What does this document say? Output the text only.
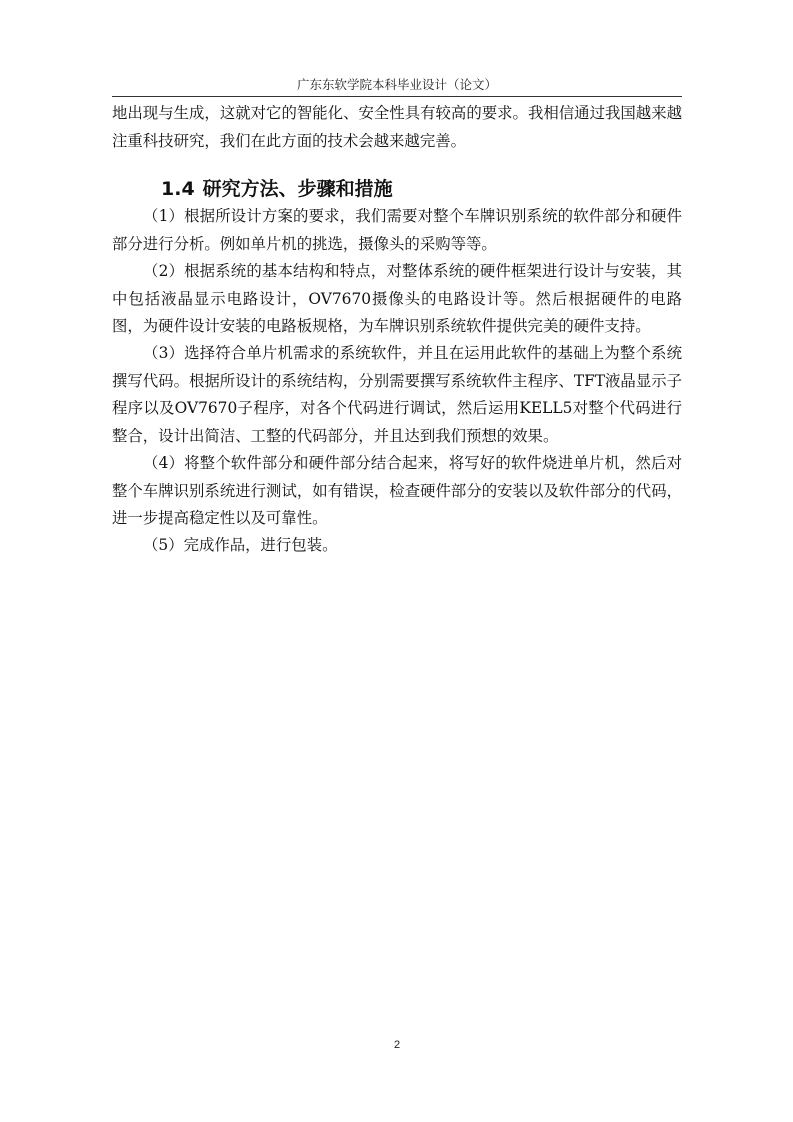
广东东软学院本科毕业设计（论文）

地出现与生成，这就对它的智能化、安全性具有较高的要求。我相信通过我国越来越注重科技研究，我们在此方面的技术会越来越完善。

1.4 研究方法、步骤和措施

（1）根据所设计方案的要求，我们需要对整个车牌识别系统的软件部分和硬件部分进行分析。例如单片机的挑选，摄像头的采购等等。

（2）根据系统的基本结构和特点，对整体系统的硬件框架进行设计与安装，其中包括液晶显示电路设计，OV7670摄像头的电路设计等。然后根据硬件的电路图，为硬件设计安装的电路板规格，为车牌识别系统软件提供完美的硬件支持。

（3）选择符合单片机需求的系统软件，并且在运用此软件的基础上为整个系统撰写代码。根据所设计的系统结构，分别需要撰写系统软件主程序、TFT液晶显示子程序以及OV7670子程序，对各个代码进行调试，然后运用KELL5对整个代码进行整合，设计出简洁、工整的代码部分，并且达到我们预想的效果。

（4）将整个软件部分和硬件部分结合起来，将写好的软件烧进单片机，然后对整个车牌识别系统进行测试，如有错误，检查硬件部分的安装以及软件部分的代码，进一步提高稳定性以及可靠性。

（5）完成作品，进行包装。

2
